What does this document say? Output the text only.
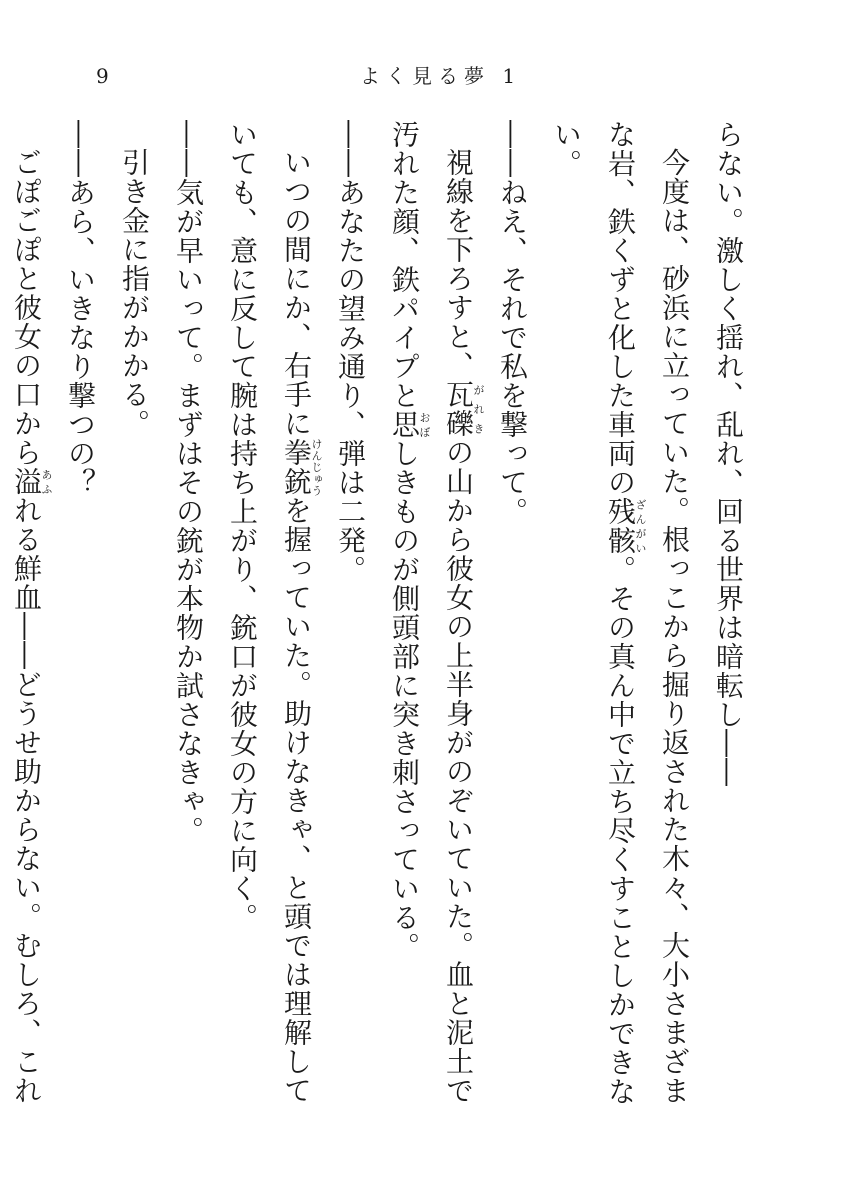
9	よく見る夢 1

らない。激しく揺れ、乱れ、回る世界は暗転し――

今度は、砂浜に立っていた。根っこから掘り返された木々、大小さまざまな岩、鉄くずと化した車両の残骸ざんがい。その真ん中で立ち尽くすことしかできない。

――ねえ、それで私を撃って。

視線を下ろすと、瓦礫がれきの山から彼女の上半身がのぞいていた。血と泥土で汚れた顔、鉄パイプと思おぼしきものが側頭部に突き刺さっている。

――あなたの望み通り、弾は二発。

いつの間にか、右手に拳銃けんじゅうを握っていた。助けなきゃ、と頭では理解していても、意に反して腕は持ち上がり、銃口が彼女の方に向く。

――気が早いって。まずはその銃が本物か試さなきゃ。

引き金に指がかかる。

――あら、いきなり撃つの？

ごぽごぽと彼女の口から溢あふれる鮮血――どうせ助からない。むしろ、これ
